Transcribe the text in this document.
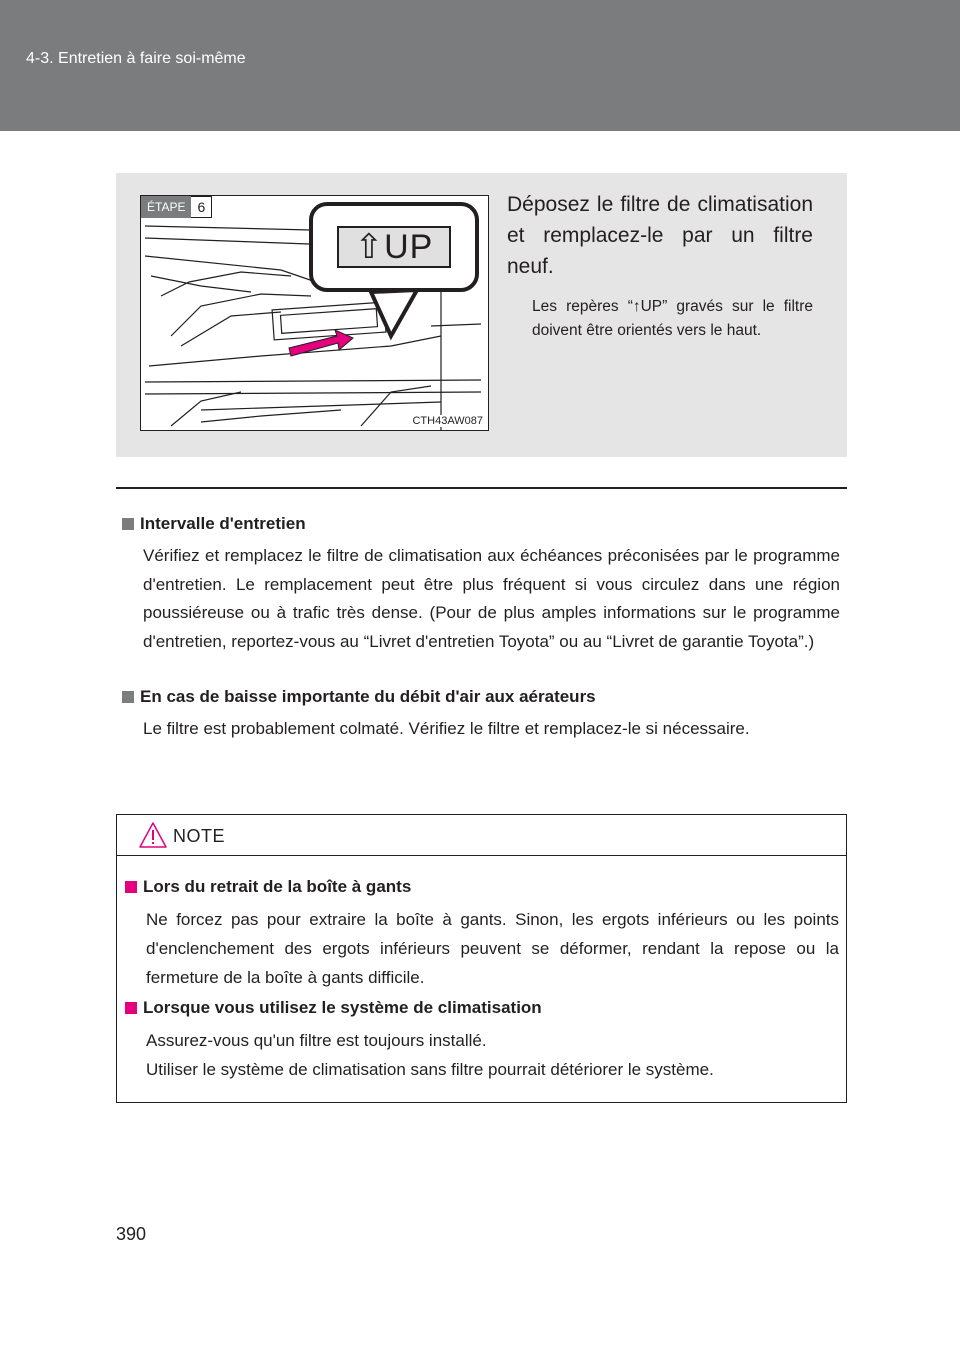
4-3. Entretien à faire soi-même
⇧UP
ÉTAPE 6
CTH43AW087
Déposez le filtre de climatisation et remplacez-le par un filtre neuf.
Les repères “↑UP” gravés sur le filtre doivent être orientés vers le haut.
Intervalle d'entretien
Vérifiez et remplacez le filtre de climatisation aux échéances préconisées par le programme d'entretien. Le remplacement peut être plus fréquent si vous circulez dans une région poussiéreuse ou à trafic très dense. (Pour de plus amples informations sur le programme d'entretien, reportez-vous au “Livret d'entretien Toyota” ou au “Livret de garantie Toyota”.)
En cas de baisse importante du débit d'air aux aérateurs
Le filtre est probablement colmaté. Vérifiez le filtre et remplacez-le si nécessaire.
NOTE
Lors du retrait de la boîte à gants
Ne forcez pas pour extraire la boîte à gants. Sinon, les ergots inférieurs ou les points d'enclenchement des ergots inférieurs peuvent se déformer, rendant la repose ou la fermeture de la boîte à gants difficile.
Lorsque vous utilisez le système de climatisation
Assurez-vous qu'un filtre est toujours installé.
Utiliser le système de climatisation sans filtre pourrait détériorer le système.
390
